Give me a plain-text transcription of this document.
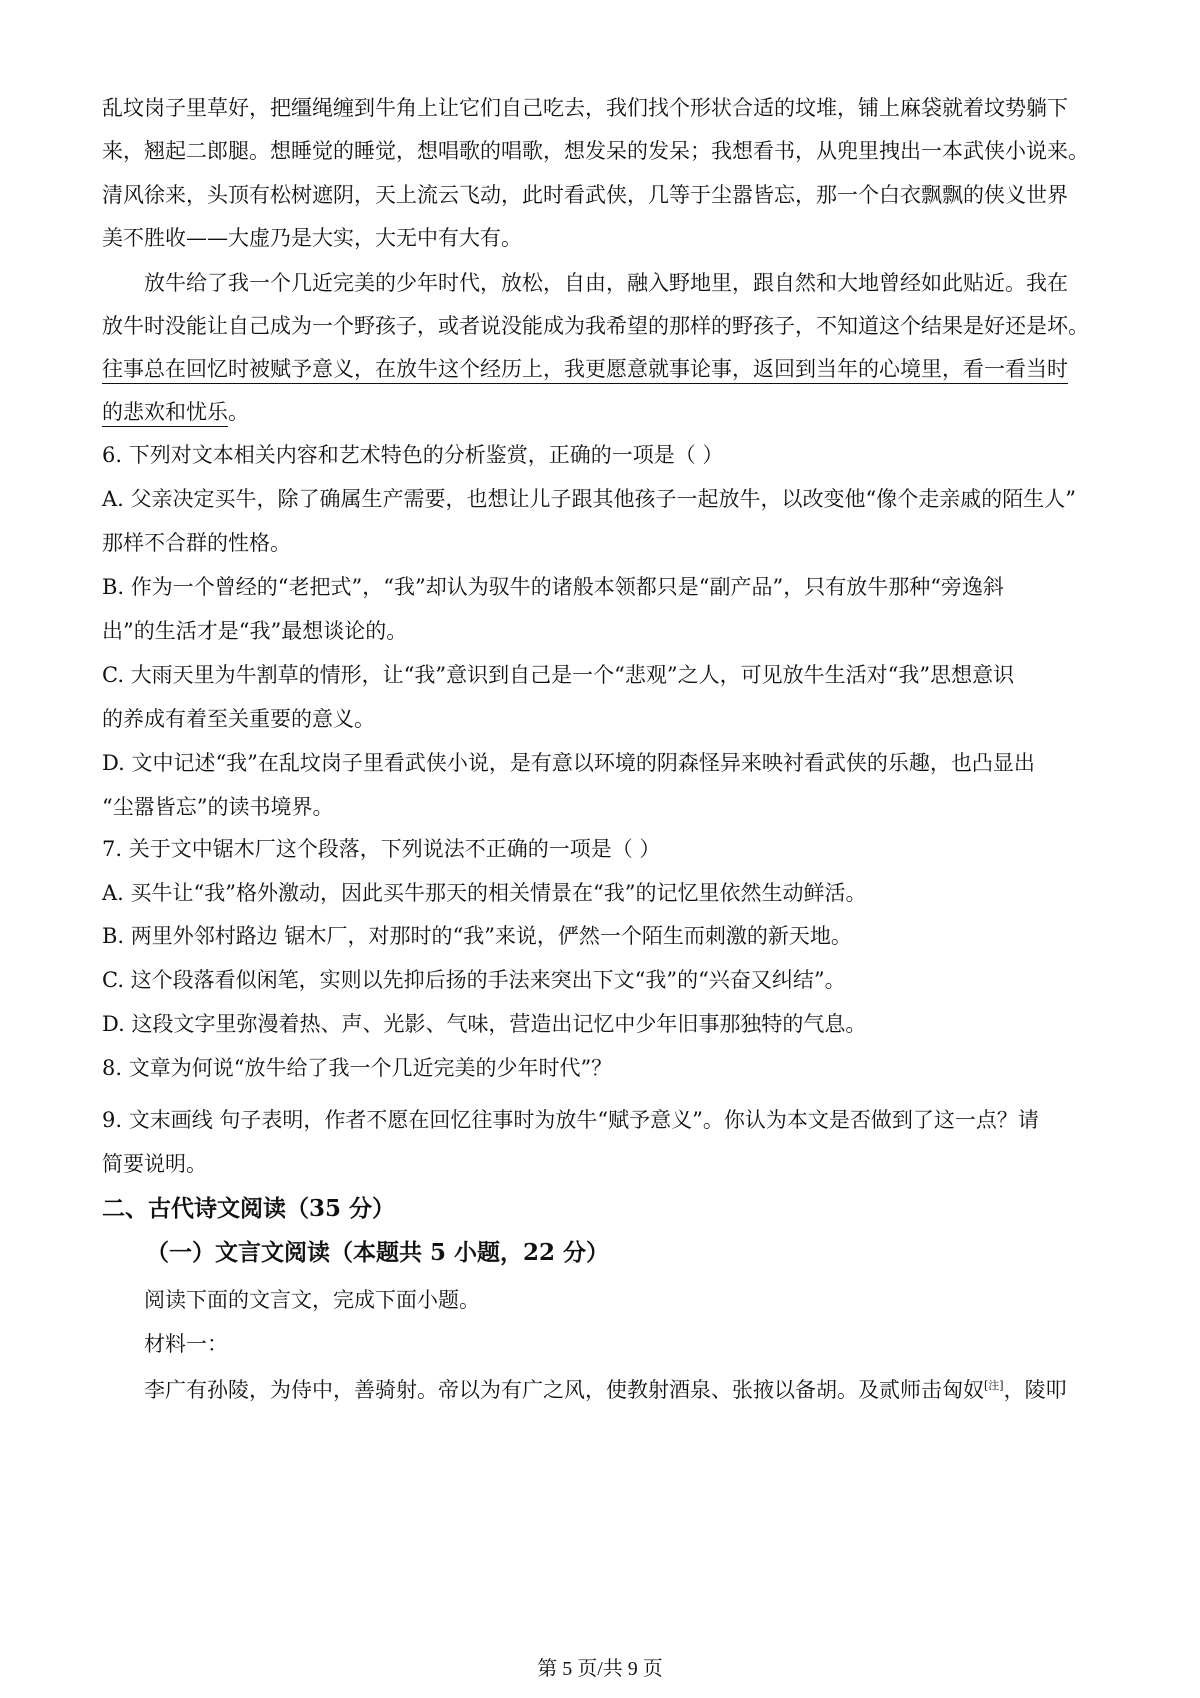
乱坟岗子里草好，把缰绳缠到牛角上让它们自己吃去，我们找个形状合适的坟堆，铺上麻袋就着坟势躺下

来，翘起二郎腿。想睡觉的睡觉，想唱歌的唱歌，想发呆的发呆；我想看书，从兜里拽出一本武侠小说来。

清风徐来，头顶有松树遮阴，天上流云飞动，此时看武侠，几等于尘嚣皆忘，那一个白衣飘飘的侠义世界

美不胜收——大虚乃是大实，大无中有大有。

放牛给了我一个几近完美的少年时代，放松，自由，融入野地里，跟自然和大地曾经如此贴近。我在

放牛时没能让自己成为一个野孩子，或者说没能成为我希望的那样的野孩子，不知道这个结果是好还是坏。

往事总在回忆时被赋予意义，在放牛这个经历上，我更愿意就事论事，返回到当年的心境里，看一看当时

的悲欢和忧乐。

6. 下列对文本相关内容和艺术特色的分析鉴赏，正确的一项是（ ）

A. 父亲决定买牛，除了确属生产需要，也想让儿子跟其他孩子一起放牛，以改变他“像个走亲戚的陌生人”

那样不合群的性格。

B. 作为一个曾经的“老把式”，“我”却认为驭牛的诸般本领都只是“副产品”，只有放牛那种“旁逸斜

出”的生活才是“我”最想谈论的。

C. 大雨天里为牛割草的情形，让“我”意识到自己是一个“悲观”之人，可见放牛生活对“我”思想意识

的养成有着至关重要的意义。

D. 文中记述“我”在乱坟岗子里看武侠小说，是有意以环境的阴森怪异来映衬看武侠的乐趣，也凸显出

“尘嚣皆忘”的读书境界。

7. 关于文中锯木厂这个段落，下列说法不正确的一项是（ ）

A. 买牛让“我”格外激动，因此买牛那天的相关情景在“我”的记忆里依然生动鲜活。

B. 两里外邻村路边 锯木厂，对那时的“我”来说，俨然一个陌生而刺激的新天地。

C. 这个段落看似闲笔，实则以先抑后扬的手法来突出下文“我”的“兴奋又纠结”。

D. 这段文字里弥漫着热、声、光影、气味，营造出记忆中少年旧事那独特的气息。

8. 文章为何说“放牛给了我一个几近完美的少年时代”？

9. 文末画线 句子表明，作者不愿在回忆往事时为放牛“赋予意义”。你认为本文是否做到了这一点？请

简要说明。

二、古代诗文阅读（35 分）

（一）文言文阅读（本题共 5 小题，22 分）

阅读下面的文言文，完成下面小题。

材料一：

李广有孙陵，为侍中，善骑射。帝以为有广之风，使教射酒泉、张掖以备胡。及贰师击匈奴[注]，陵叩

第 5 页/共 9 页
